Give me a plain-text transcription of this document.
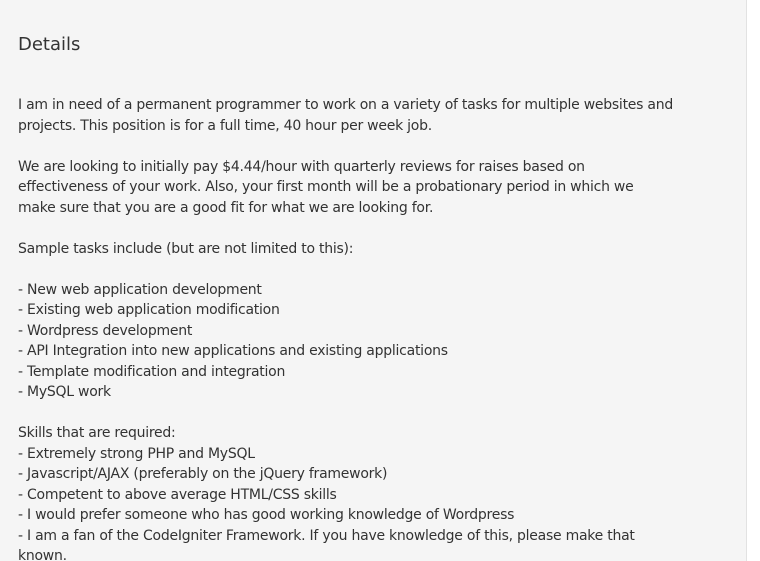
Details

I am in need of a permanent programmer to work on a variety of tasks for multiple websites and

projects. This position is for a full time, 40 hour per week job.

We are looking to initially pay $4.44/hour with quarterly reviews for raises based on

effectiveness of your work. Also, your first month will be a probationary period in which we

make sure that you are a good fit for what we are looking for.

Sample tasks include (but are not limited to this):

- New web application development

- Existing web application modification

- Wordpress development

- API Integration into new applications and existing applications

- Template modification and integration

- MySQL work

Skills that are required:

- Extremely strong PHP and MySQL

- Javascript/AJAX (preferably on the jQuery framework)

- Competent to above average HTML/CSS skills

- I would prefer someone who has good working knowledge of Wordpress

- I am a fan of the CodeIgniter Framework. If you have knowledge of this, please make that

known.
